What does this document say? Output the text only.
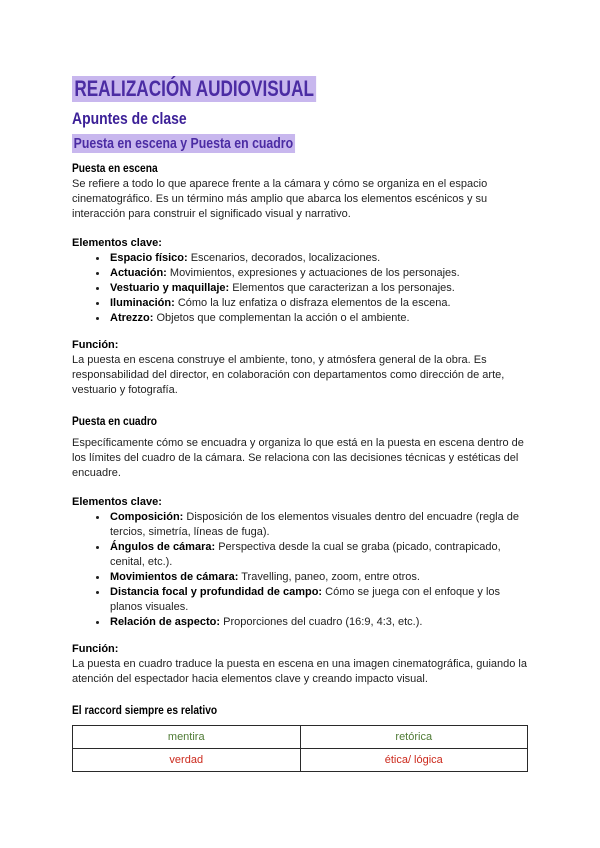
REALIZACIÓN AUDIOVISUAL
Apuntes de clase
Puesta en escena y Puesta en cuadro
Puesta en escena

Se refiere a todo lo que aparece frente a la cámara y cómo se organiza en el espacio cinematográfico. Es un término más amplio que abarca los elementos escénicos y su interacción para construir el significado visual y narrativo.

Elementos clave:
• Espacio físico: Escenarios, decorados, localizaciones.
• Actuación: Movimientos, expresiones y actuaciones de los personajes.
• Vestuario y maquillaje: Elementos que caracterizan a los personajes.
• Iluminación: Cómo la luz enfatiza o disfraza elementos de la escena.
• Atrezzo: Objetos que complementan la acción o el ambiente.
Función:

La puesta en escena construye el ambiente, tono, y atmósfera general de la obra. Es responsabilidad del director, en colaboración con departamentos como dirección de arte, vestuario y fotografía.

Puesta en cuadro

Específicamente cómo se encuadra y organiza lo que está en la puesta en escena dentro de los límites del cuadro de la cámara. Se relaciona con las decisiones técnicas y estéticas del encuadre.

Elementos clave:
• Composición: Disposición de los elementos visuales dentro del encuadre (regla de tercios, simetría, líneas de fuga).
• Ángulos de cámara: Perspectiva desde la cual se graba (picado, contrapicado, cenital, etc.).
• Movimientos de cámara: Travelling, paneo, zoom, entre otros.
• Distancia focal y profundidad de campo: Cómo se juega con el enfoque y los planos visuales.
• Relación de aspecto: Proporciones del cuadro (16:9, 4:3, etc.).
Función:

La puesta en cuadro traduce la puesta en escena en una imagen cinematográfica, guiando la atención del espectador hacia elementos clave y creando impacto visual.

El raccord siempre es relativo
mentira	retórica
verdad	ética/ lógica
